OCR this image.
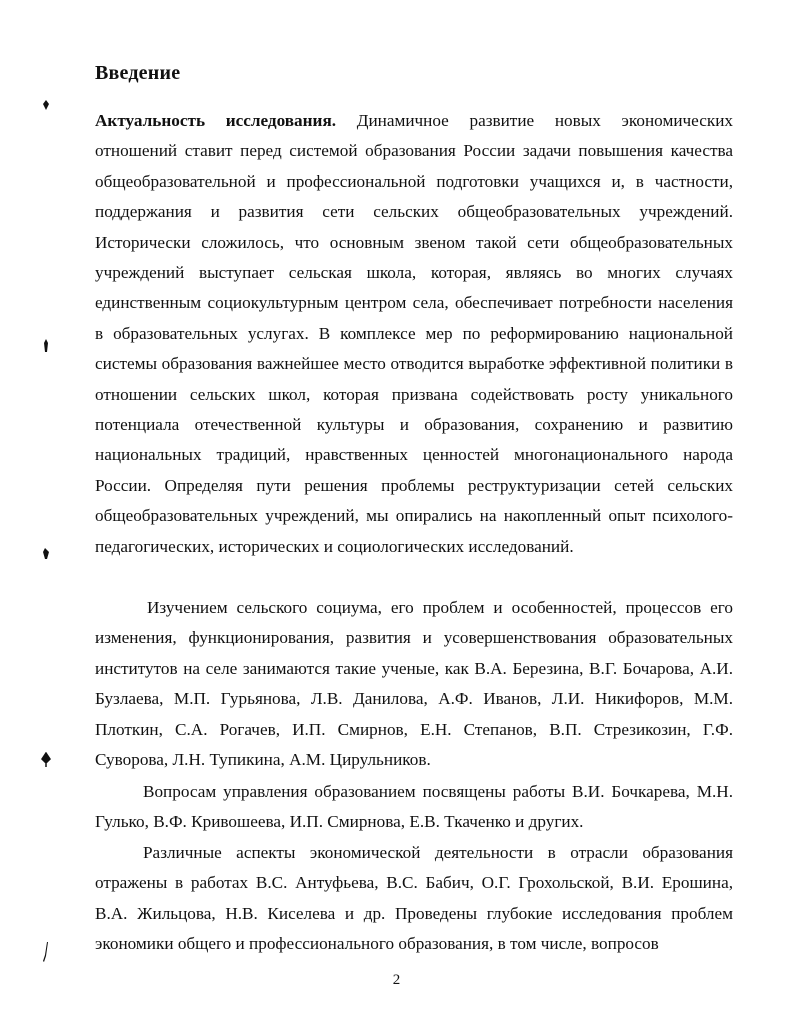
Введение

Актуальность исследования. Динамичное развитие новых экономических отношений ставит перед системой образования России задачи повышения качества общеобразовательной и профессиональной подготовки учащихся и, в частности, поддержания и развития сети сельских общеобразовательных учреждений. Исторически сложилось, что основным звеном такой сети общеобразовательных учреждений выступает сельская школа, которая, являясь во многих случаях единственным социокультурным центром села, обеспечивает потребности населения в образовательных услугах. В комплексе мер по реформированию национальной системы образования важнейшее место отводится выработке эффективной политики в отношении сельских школ, которая призвана содействовать росту уникального потенциала отечественной культуры и образования, сохранению и развитию национальных традиций, нравственных ценностей многонационального народа России. Определяя пути решения проблемы реструктуризации сетей сельских общеобразовательных учреждений, мы опирались на накопленный опыт психолого-педагогических, исторических и социологических исследований.

Изучением сельского социума, его проблем и особенностей, процессов его изменения, функционирования, развития и усовершенствования образовательных институтов на селе занимаются такие ученые, как В.А. Березина, В.Г. Бочарова, А.И. Бузлаева, М.П. Гурьянова, Л.В. Данилова, А.Ф. Иванов, Л.И. Никифоров, М.М. Плоткин, С.А. Рогачев, И.П. Смирнов, Е.Н. Степанов, В.П. Стрезикозин, Г.Ф. Суворова, Л.Н. Тупикина, А.М. Цирульников.

Вопросам управления образованием посвящены работы В.И. Бочкарева, М.Н. Гулько, В.Ф. Кривошеева, И.П. Смирнова, Е.В. Ткаченко и других.

Различные аспекты экономической деятельности в отрасли образования отражены в работах В.С. Антуфьева, В.С. Бабич, О.Г. Грохольской, В.И. Ерошина, В.А. Жильцова, Н.В. Киселева и др. Проведены глубокие исследования проблем экономики общего и профессионального образования, в том числе, вопросов

2
